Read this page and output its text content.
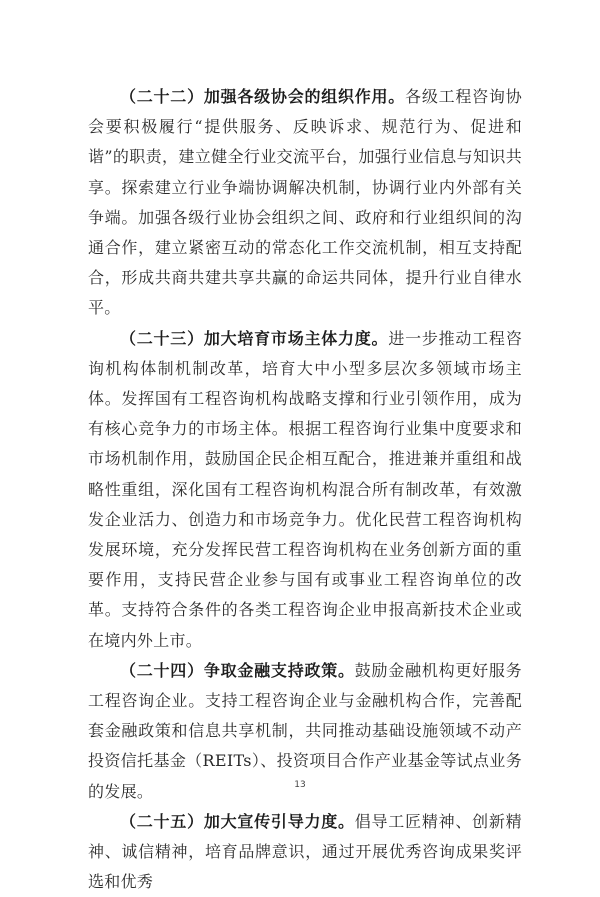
（二十二）加强各级协会的组织作用。各级工程咨询协会要积极履行“提供服务、反映诉求、规范行为、促进和谐”的职责，建立健全行业交流平台，加强行业信息与知识共享。探索建立行业争端协调解决机制，协调行业内外部有关争端。加强各级行业协会组织之间、政府和行业组织间的沟通合作，建立紧密互动的常态化工作交流机制，相互支持配合，形成共商共建共享共赢的命运共同体，提升行业自律水平。

（二十三）加大培育市场主体力度。进一步推动工程咨询机构体制机制改革，培育大中小型多层次多领域市场主体。发挥国有工程咨询机构战略支撑和行业引领作用，成为有核心竞争力的市场主体。根据工程咨询行业集中度要求和市场机制作用，鼓励国企民企相互配合，推进兼并重组和战略性重组，深化国有工程咨询机构混合所有制改革，有效激发企业活力、创造力和市场竞争力。优化民营工程咨询机构发展环境，充分发挥民营工程咨询机构在业务创新方面的重要作用，支持民营企业参与国有或事业工程咨询单位的改革。支持符合条件的各类工程咨询企业申报高新技术企业或在境内外上市。

（二十四）争取金融支持政策。鼓励金融机构更好服务工程咨询企业。支持工程咨询企业与金融机构合作，完善配套金融政策和信息共享机制，共同推动基础设施领域不动产投资信托基金（REITs）、投资项目合作产业基金等试点业务的发展。

（二十五）加大宣传引导力度。倡导工匠精神、创新精神、诚信精神，培育品牌意识，通过开展优秀咨询成果奖评选和优秀

13
